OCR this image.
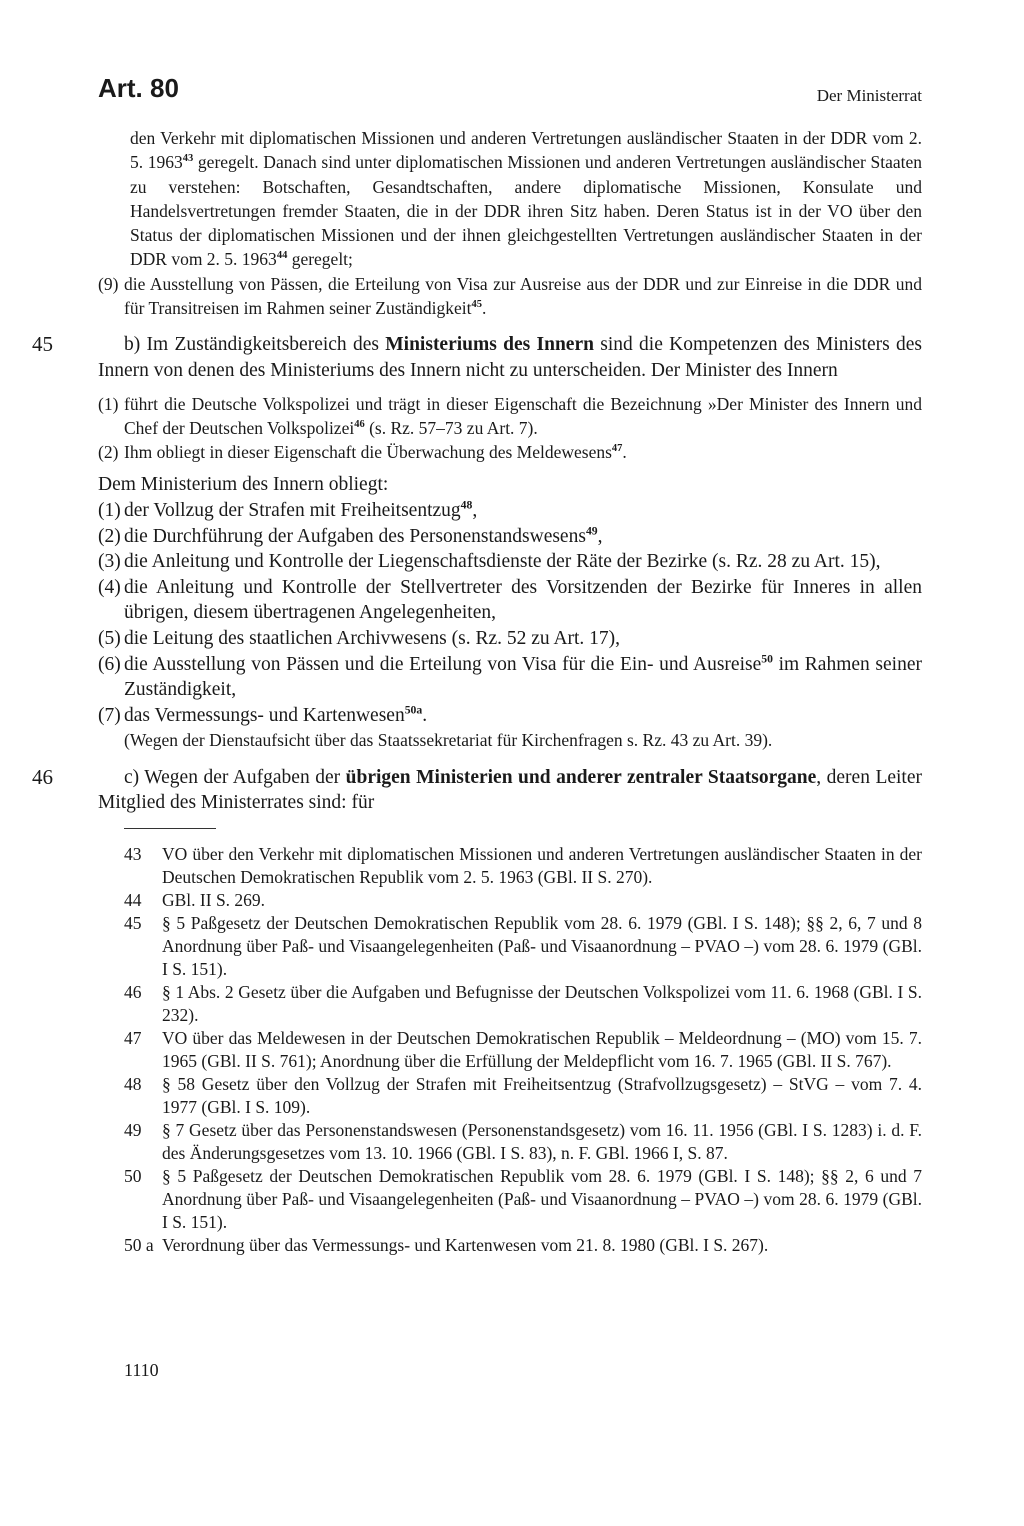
Art. 80	Der Ministerrat

den Verkehr mit diplomatischen Missionen und anderen Vertretungen ausländischer Staaten in der DDR vom 2. 5. 1963$^{43}$ geregelt. Danach sind unter diplomatischen Missionen und anderen Vertretungen ausländischer Staaten zu verstehen: Botschaften, Gesandtschaften, andere diplomatische Missionen, Konsulate und Handelsvertretungen fremder Staaten, die in der DDR ihren Sitz haben. Deren Status ist in der VO über den Status der diplomatischen Missionen und der ihnen gleichgestellten Vertretungen ausländischer Staaten in der DDR vom 2. 5. 1963$^{44}$ geregelt;

(9) die Ausstellung von Pässen, die Erteilung von Visa zur Ausreise aus der DDR und zur Einreise in die DDR und für Transitreisen im Rahmen seiner Zuständigkeit$^{45}$.
45	b) Im Zuständigkeitsbereich des Ministeriums des Innern sind die Kompetenzen des Ministers des Innern von denen des Ministeriums des Innern nicht zu unterscheiden. Der Minister des Innern

(1) führt die Deutsche Volkspolizei und trägt in dieser Eigenschaft die Bezeichnung »Der Minister des Innern und Chef der Deutschen Volkspolizei$^{46}$ (s. Rz. 57–73 zu Art. 7).
(2) Ihm obliegt in dieser Eigenschaft die Überwachung des Meldewesens$^{47}$.

Dem Ministerium des Innern obliegt:

(1) der Vollzug der Strafen mit Freiheitsentzug$^{48}$,
(2) die Durchführung der Aufgaben des Personenstandswesens$^{49}$,
(3) die Anleitung und Kontrolle der Liegenschaftsdienste der Räte der Bezirke (s. Rz. 28 zu Art. 15),
(4) die Anleitung und Kontrolle der Stellvertreter des Vorsitzenden der Bezirke für Inneres in allen übrigen, diesem übertragenen Angelegenheiten,
(5) die Leitung des staatlichen Archivwesens (s. Rz. 52 zu Art. 17),
(6) die Ausstellung von Pässen und die Erteilung von Visa für die Ein- und Ausreise$^{50}$ im Rahmen seiner Zuständigkeit,
(7) das Vermessungs- und Kartenwesen$^{50a}$.

(Wegen der Dienstaufsicht über das Staatssekretariat für Kirchenfragen s. Rz. 43 zu Art. 39).

46	c) Wegen der Aufgaben der übrigen Ministerien und anderer zentraler Staatsorgane, deren Leiter Mitglied des Ministerrates sind: für

43	VO über den Verkehr mit diplomatischen Missionen und anderen Vertretungen ausländischer Staaten in der Deutschen Demokratischen Republik vom 2. 5. 1963 (GBl. II S. 270).
44	GBl. II S. 269.
45	§ 5 Paßgesetz der Deutschen Demokratischen Republik vom 28. 6. 1979 (GBl. I S. 148); §§ 2, 6, 7 und 8 Anordnung über Paß- und Visaangelegenheiten (Paß- und Visaanordnung – PVAO –) vom 28. 6. 1979 (GBl. I S. 151).
46	§ 1 Abs. 2 Gesetz über die Aufgaben und Befugnisse der Deutschen Volkspolizei vom 11. 6. 1968 (GBl. I S. 232).
47	VO über das Meldewesen in der Deutschen Demokratischen Republik – Meldeordnung – (MO) vom 15. 7. 1965 (GBl. II S. 761); Anordnung über die Erfüllung der Meldepflicht vom 16. 7. 1965 (GBl. II S. 767).
48	§ 58 Gesetz über den Vollzug der Strafen mit Freiheitsentzug (Strafvollzugsgesetz) – StVG – vom 7. 4. 1977 (GBl. I S. 109).
49	§ 7 Gesetz über das Personenstandswesen (Personenstandsgesetz) vom 16. 11. 1956 (GBl. I S. 1283) i. d. F. des Änderungsgesetzes vom 13. 10. 1966 (GBl. I S. 83), n. F. GBl. 1966 I, S. 87.
50	§ 5 Paßgesetz der Deutschen Demokratischen Republik vom 28. 6. 1979 (GBl. I S. 148); §§ 2, 6 und 7 Anordnung über Paß- und Visaangelegenheiten (Paß- und Visaanordnung – PVAO –) vom 28. 6. 1979 (GBl. I S. 151).
50 a Verordnung über das Vermessungs- und Kartenwesen vom 21. 8. 1980 (GBl. I S. 267).

1110
